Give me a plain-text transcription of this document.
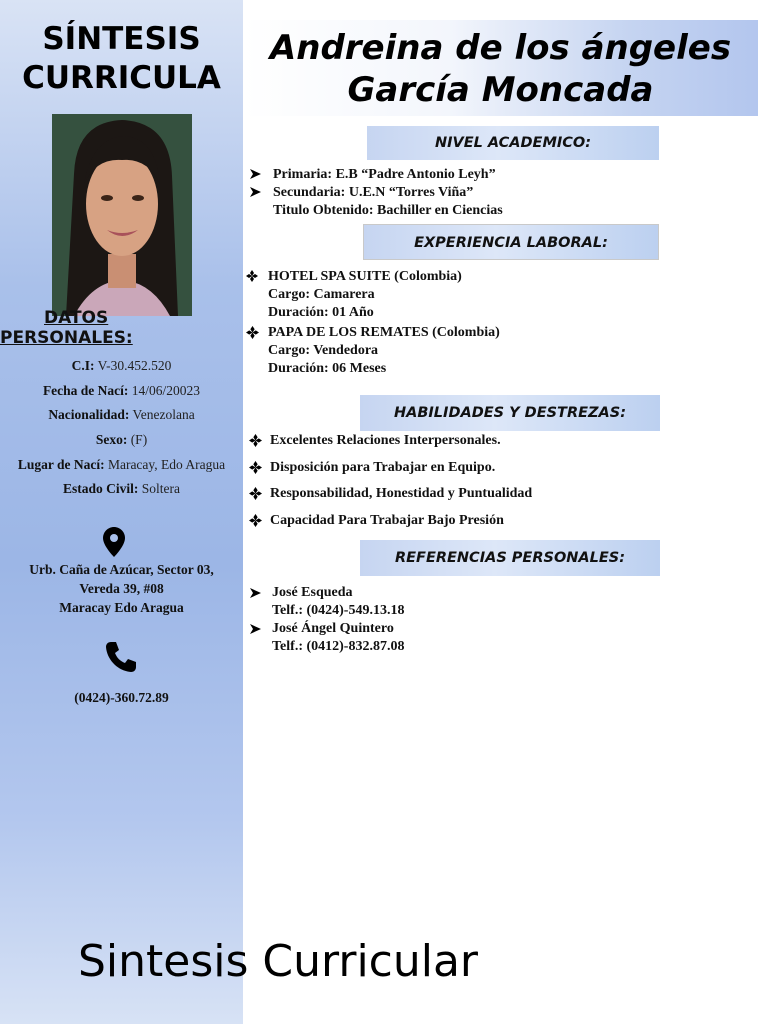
SÍNTESIS
CURRICULA
DATOS
PERSONALES:
C.I: V-30.452.520
Fecha de Nací: 14/06/20023
Nacionalidad: Venezolana
Sexo: (F)
Lugar de Nací: Maracay, Edo Aragua
Estado Civil: Soltera
Urb. Caña de Azúcar, Sector 03,
Vereda 39, #08
Maracay Edo Aragua
(0424)-360.72.89
Andreina de los ángeles
García Moncada
NIVEL ACADEMICO:
Primaria: E.B “Padre Antonio Leyh”
Secundaria: U.E.N “Torres Viña”
Titulo Obtenido: Bachiller en Ciencias
EXPERIENCIA LABORAL:
HOTEL SPA SUITE (Colombia)
Cargo: Camarera
Duración: 01 Año
PAPA DE LOS REMATES (Colombia)
Cargo: Vendedora
Duración: 06 Meses
HABILIDADES Y DESTREZAS:
Excelentes Relaciones Interpersonales.
Disposición para Trabajar en Equipo.
Responsabilidad, Honestidad y Puntualidad
Capacidad Para Trabajar Bajo Presión
REFERENCIAS PERSONALES:
José Esqueda
Telf.: (0424)-549.13.18
José Ángel Quintero
Telf.: (0412)-832.87.08
Sintesis Curricular
